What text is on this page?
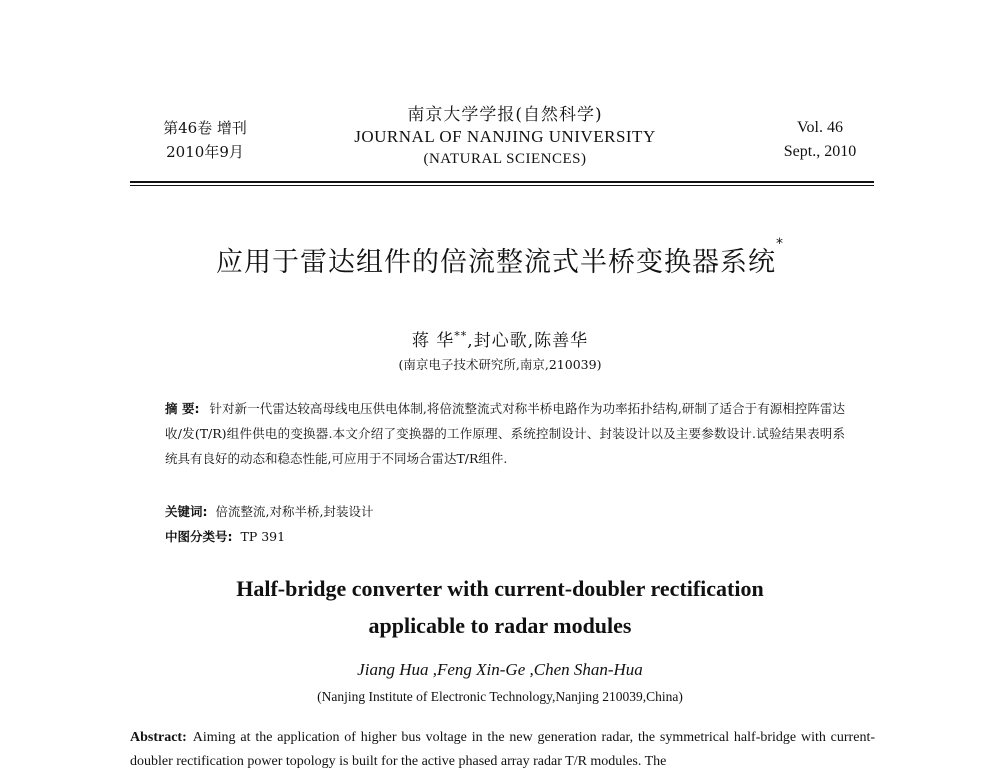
第46卷 增刊
2010年9月
南京大学学报(自然科学)
JOURNAL OF NANJING UNIVERSITY
(NATURAL SCIENCES)
Vol. 46
Sept., 2010
应用于雷达组件的倍流整流式半桥变换器系统*
蒋 华**,封心歌,陈善华
(南京电子技术研究所,南京,210039)
摘 要: 针对新一代雷达较高母线电压供电体制,将倍流整流式对称半桥电路作为功率拓扑结构,研制了适合于有源相控阵雷达收/发(T/R)组件供电的变换器.本文介绍了变换器的工作原理、系统控制设计、封装设计以及主要参数设计.试验结果表明系统具有良好的动态和稳态性能,可应用于不同场合雷达T/R组件.
关键词: 倍流整流,对称半桥,封装设计
中图分类号: TP 391
Half-bridge converter with current-doubler rectification
applicable to radar modules
Jiang Hua ,Feng Xin-Ge ,Chen Shan-Hua
(Nanjing Institute of Electronic Technology,Nanjing 210039,China)
Abstract: Aiming at the application of higher bus voltage in the new generation radar, the symmetrical half-bridge with current-doubler rectification power topology is built for the active phased array radar T/R modules. The
